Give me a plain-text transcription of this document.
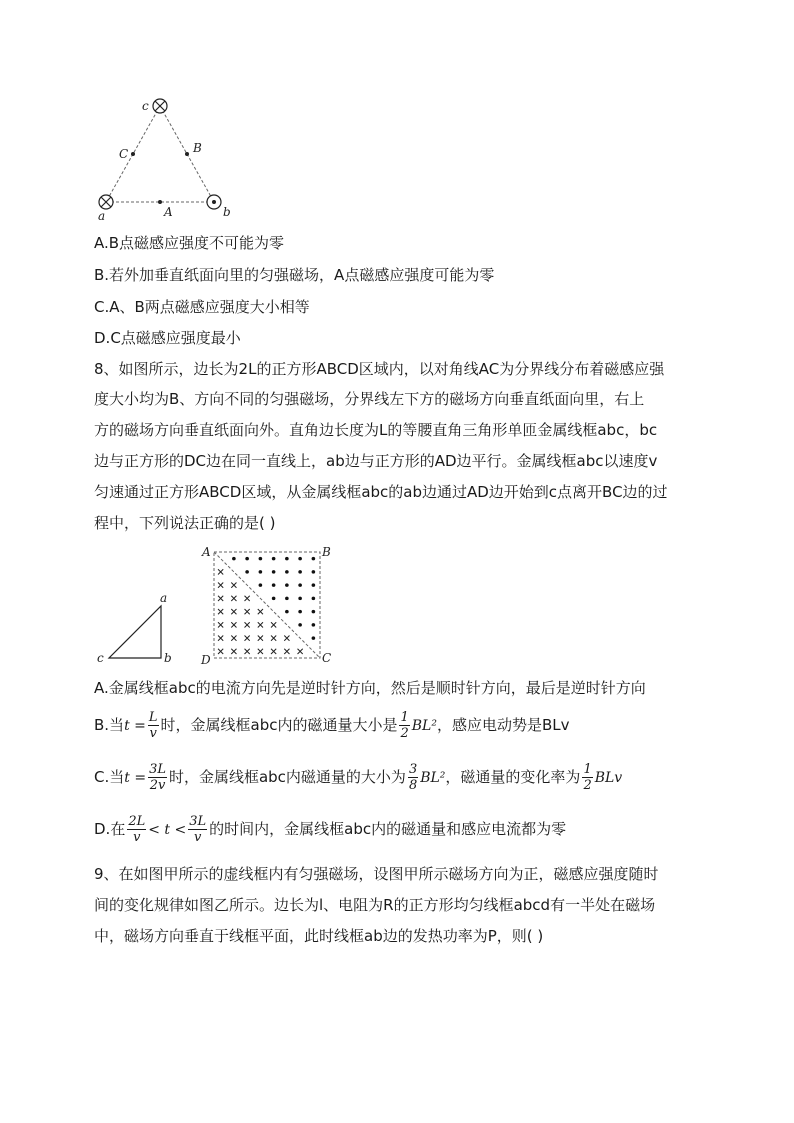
c
a	b
C	B
A
A.B点磁感应强度不可能为零
B.若外加垂直纸面向里的匀强磁场，A点磁感应强度可能为零
C.A、B两点磁感应强度大小相等
D.C点磁感应强度最小
8、如图所示，边长为2L的正方形ABCD区域内，以对角线AC为分界线分布着磁感应强
度大小均为B、方向不同的匀强磁场，分界线左下方的磁场方向垂直纸面向里，右上
方的磁场方向垂直纸面向外。直角边长度为L的等腰直角三角形单匝金属线框abc，bc
边与正方形的DC边在同一直线上，ab边与正方形的AD边平行。金属线框abc以速度v
匀速通过正方形ABCD区域，从金属线框abc的ab边通过AD边开始到c点离开BC边的过
程中，下列说法正确的是( )
a
b
c
A	B
C
D
A.金属线框abc的电流方向先是逆时针方向，然后是顺时针方向，最后是逆时针方向
B.当$t = \frac{L}{v}$ 时，金属线框abc内的磁通量大小是 $\frac{1}{2} BL^2$，感应电动势是BLv
C.当$t = \frac{3L}{2v}$ 时，金属线框abc内磁通量的大小为 $\frac{3}{8} BL^2$，磁通量的变化率为 $\frac{1}{2}$ BLv
D.在 $\frac{2L}{v} < t < \frac{3L}{v}$ 的时间内，金属线框abc内的磁通量和感应电流都为零
9、在如图甲所示的虚线框内有匀强磁场，设图甲所示磁场方向为正，磁感应强度随时
间的变化规律如图乙所示。边长为l、电阻为R的正方形均匀线框abcd有一半处在磁场
中，磁场方向垂直于线框平面，此时线框ab边的发热功率为P，则( )
